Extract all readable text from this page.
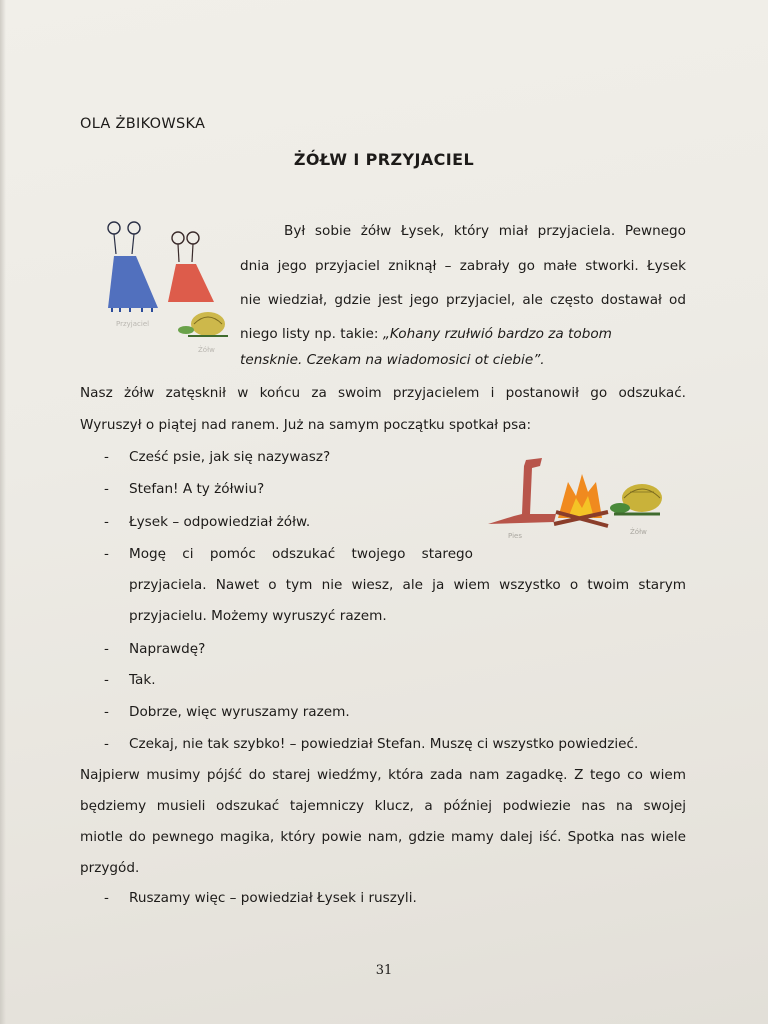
OLA ŻBIKOWSKA
ŻÓŁW I PRZYJACIEL
Przyjaciel
Żółw
Był sobie żółw Łysek, który miał przyjaciela. Pewnego
dnia jego przyjaciel zniknął – zabrały go małe stworki. Łysek
nie wiedział, gdzie jest jego przyjaciel, ale często dostawał od
niego listy np. takie: „Kohany rzułwió bardzo za tobom
tensknie. Czekam na wiadomosici ot ciebie”.
Nasz żółw zatęsknił w końcu za swoim przyjacielem i postanowił go odszukać.
Wyruszył o piątej nad ranem. Już na samym początku spotkał psa:
Pies	Żółw
- Cześć psie, jak się nazywasz?
- Stefan! A ty żółwiu?
- Łysek – odpowiedział żółw.
- Mogę ci pomóc odszukać twojego starego
przyjaciela. Nawet o tym nie wiesz, ale ja wiem wszystko o twoim starym
przyjacielu. Możemy wyruszyć razem.
- Naprawdę?
- Tak.
- Dobrze, więc wyruszamy razem.
- Czekaj, nie tak szybko! – powiedział Stefan. Muszę ci wszystko powiedzieć.
Najpierw musimy pójść do starej wiedźmy, która zada nam zagadkę. Z tego co wiem
będziemy musieli odszukać tajemniczy klucz, a później podwiezie nas na swojej
miotle do pewnego magika, który powie nam, gdzie mamy dalej iść. Spotka nas wiele
przygód.
- Ruszamy więc – powiedział Łysek i ruszyli.
31
